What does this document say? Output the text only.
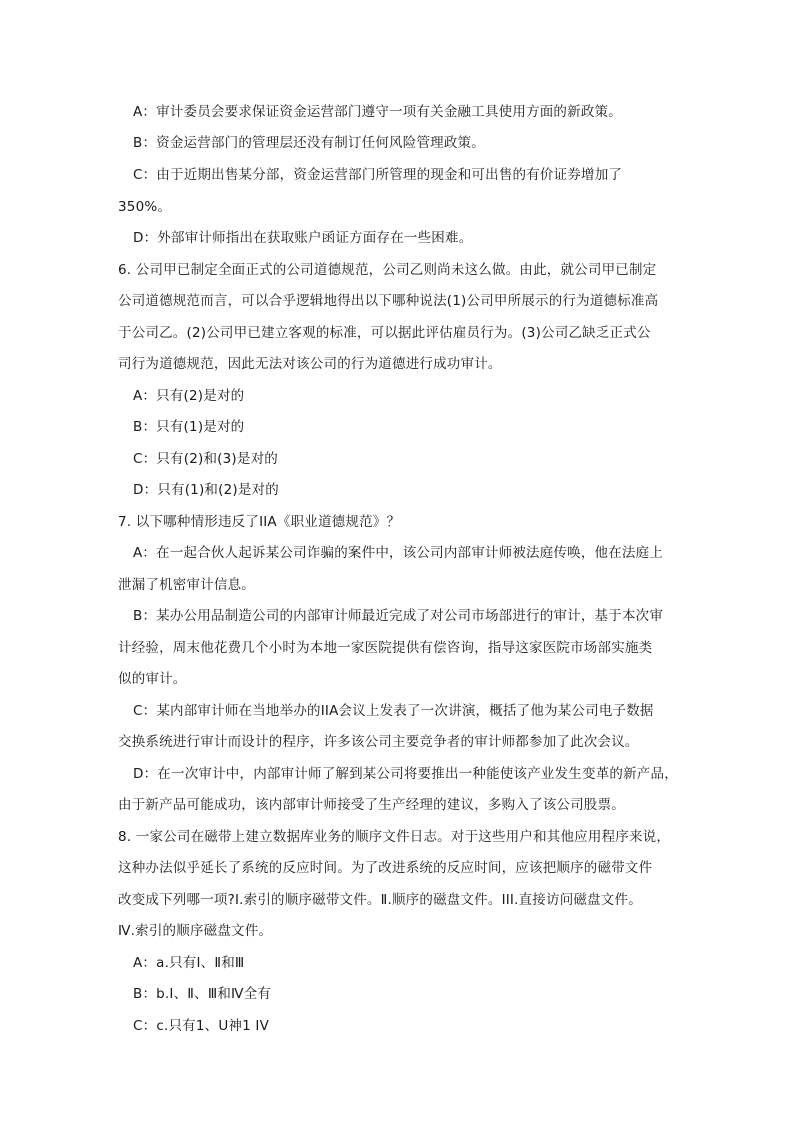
A：审计委员会要求保证资金运营部门遵守一项有关金融工具使用方面的新政策。
B：资金运营部门的管理层还没有制订任何风险管理政策。
C：由于近期出售某分部，资金运营部门所管理的现金和可出售的有价证券增加了
350%。
D：外部审计师指出在获取账户函证方面存在一些困难。
6. 公司甲已制定全面正式的公司道德规范，公司乙则尚未这么做。由此，就公司甲已制定
公司道德规范而言，可以合乎逻辑地得出以下哪种说法(1)公司甲所展示的行为道德标准高
于公司乙。(2)公司甲已建立客观的标准，可以据此评估雇员行为。(3)公司乙缺乏正式公
司行为道德规范，因此无法对该公司的行为道德进行成功审计。
A：只有(2)是对的
B：只有(1)是对的
C：只有(2)和(3)是对的
D：只有(1)和(2)是对的
7. 以下哪种情形违反了IIA《职业道德规范》？
A：在一起合伙人起诉某公司诈骗的案件中，该公司内部审计师被法庭传唤，他在法庭上
泄漏了机密审计信息。
B：某办公用品制造公司的内部审计师最近完成了对公司市场部进行的审计，基于本次审
计经验，周末他花费几个小时为本地一家医院提供有偿咨询，指导这家医院市场部实施类
似的审计。
C：某内部审计师在当地举办的IIA会议上发表了一次讲演，概括了他为某公司电子数据
交换系统进行审计而设计的程序，许多该公司主要竞争者的审计师都参加了此次会议。
D：在一次审计中，内部审计师了解到某公司将要推出一种能使该产业发生变革的新产品，
由于新产品可能成功，该内部审计师接受了生产经理的建议，多购入了该公司股票。
8. 一家公司在磁带上建立数据库业务的顺序文件日志。对于这些用户和其他应用程序来说，
这种办法似乎延长了系统的反应时间。为了改进系统的反应时间，应该把顺序的磁带文件
改变成下列哪一项?I.索引的顺序磁带文件。Ⅱ.顺序的磁盘文件。III.直接访问磁盘文件。
Ⅳ.索引的顺序磁盘文件。
A：a.只有Ⅰ、Ⅱ和Ⅲ
B：b.Ⅰ、Ⅱ、Ⅲ和Ⅳ全有
C：c.只有1、U神1 IV
